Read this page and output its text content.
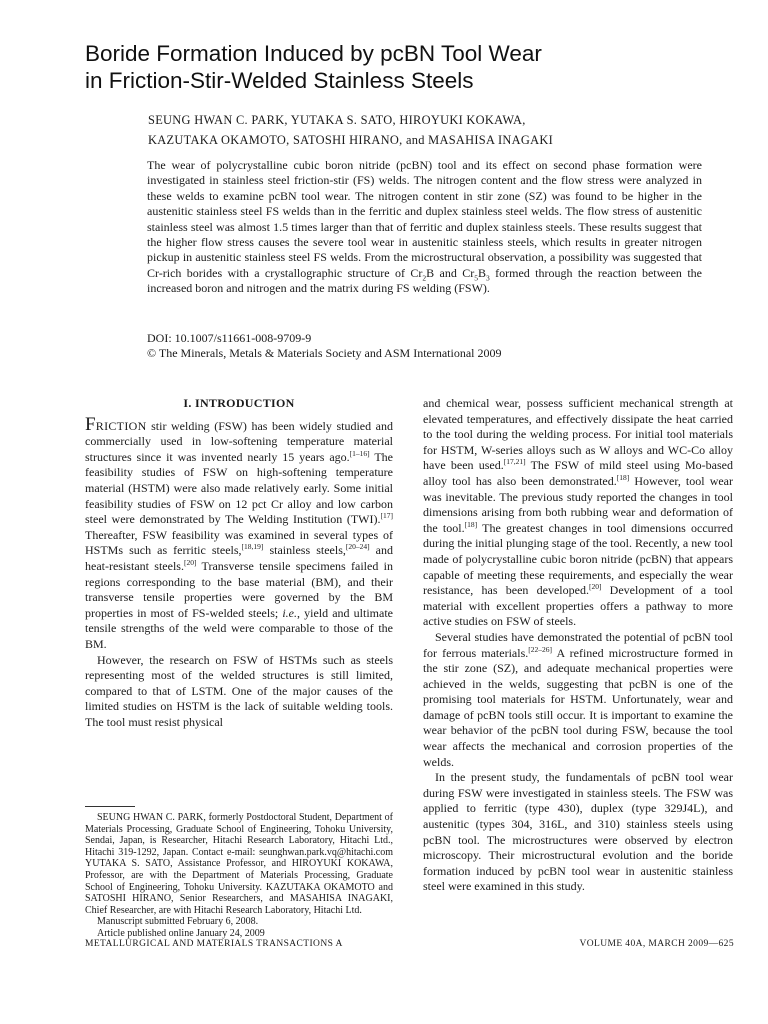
Boride Formation Induced by pcBN Tool Wear
in Friction-Stir-Welded Stainless Steels
SEUNG HWAN C. PARK, YUTAKA S. SATO, HIROYUKI KOKAWA,
KAZUTAKA OKAMOTO, SATOSHI HIRANO, and MASAHISA INAGAKI
The wear of polycrystalline cubic boron nitride (pcBN) tool and its effect on second phase formation were investigated in stainless steel friction-stir (FS) welds. The nitrogen content and the flow stress were analyzed in these welds to examine pcBN tool wear. The nitrogen content in stir zone (SZ) was found to be higher in the austenitic stainless steel FS welds than in the ferritic and duplex stainless steel welds. The flow stress of austenitic stainless steel was almost 1.5 times larger than that of ferritic and duplex stainless steels. These results suggest that the higher flow stress causes the severe tool wear in austenitic stainless steels, which results in greater nitrogen pickup in austenitic stainless steel FS welds. From the microstructural observation, a possibility was suggested that Cr-rich borides with a crystallographic structure of $Cr_2B$ and $Cr_5B_3$ formed through the reaction between the increased boron and nitrogen and the matrix during FS welding (FSW).
DOI: 10.1007/s11661-008-9709-9
© The Minerals, Metals & Materials Society and ASM International 2009
I. INTRODUCTION
FRICTION stir welding (FSW) has been widely studied and commercially used in low-softening temperature material structures since it was invented nearly 15 years ago.[1–16] The feasibility studies of FSW on high-softening temperature material (HSTM) were also made relatively early. Some initial feasibility studies of FSW on 12 pct Cr alloy and low carbon steel were demonstrated by The Welding Institution (TWI).[17] Thereafter, FSW feasibility was examined in several types of HSTMs such as ferritic steels,[18,19] stainless steels,[20–24] and heat-resistant steels.[20] Transverse tensile specimens failed in regions corresponding to the base material (BM), and their transverse tensile properties were governed by the BM properties in most of FS-welded steels; i.e., yield and ultimate tensile strengths of the weld were comparable to those of the BM.
However, the research on FSW of HSTMs such as steels representing most of the welded structures is still limited, compared to that of LSTM. One of the major causes of the limited studies on HSTM is the lack of suitable welding tools. The tool must resist physical
and chemical wear, possess sufficient mechanical strength at elevated temperatures, and effectively dissipate the heat carried to the tool during the welding process. For initial tool materials for HSTM, W-series alloys such as W alloys and WC-Co alloy have been used.[17,21] The FSW of mild steel using Mo-based alloy tool has also been demonstrated.[18] However, tool wear was inevitable. The previous study reported the changes in tool dimensions arising from both rubbing wear and deformation of the tool.[18] The greatest changes in tool dimensions occurred during the initial plunging stage of the tool. Recently, a new tool made of polycrystalline cubic boron nitride (pcBN) that appears capable of meeting these requirements, and especially the wear resistance, has been developed.[20] Development of a tool material with excellent properties offers a pathway to more active studies on FSW of steels.
Several studies have demonstrated the potential of pcBN tool for ferrous materials.[22–26] A refined microstructure formed in the stir zone (SZ), and adequate mechanical properties were achieved in the welds, suggesting that pcBN is one of the promising tool materials for HSTM. Unfortunately, wear and damage of pcBN tools still occur. It is important to examine the wear behavior of the pcBN tool during FSW, because the tool wear affects the mechanical and corrosion properties of the welds.
In the present study, the fundamentals of pcBN tool wear during FSW were investigated in stainless steels. The FSW was applied to ferritic (type 430), duplex (type 329J4L), and austenitic (types 304, 316L, and 310) stainless steels using pcBN tool. The microstructures were observed by electron microscopy. Their microstructural evolution and the boride formation induced by pcBN tool wear in austenitic stainless steel were examined in this study.
SEUNG HWAN C. PARK, formerly Postdoctoral Student, Department of Materials Processing, Graduate School of Engineering, Tohoku University, Sendai, Japan, is Researcher, Hitachi Research Laboratory, Hitachi Ltd., Hitachi 319-1292, Japan. Contact e-mail: seunghwan.park.vq@hitachi.com YUTAKA S. SATO, Assistance Professor, and HIROYUKI KOKAWA, Professor, are with the Department of Materials Processing, Graduate School of Engineering, Tohoku University. KAZUTAKA OKAMOTO and SATOSHI HIRANO, Senior Researchers, and MASAHISA INAGAKI, Chief Researcher, are with Hitachi Research Laboratory, Hitachi Ltd.
Manuscript submitted February 6, 2008.
Article published online January 24, 2009
METALLURGICAL AND MATERIALS TRANSACTIONS A	VOLUME 40A, MARCH 2009—625
